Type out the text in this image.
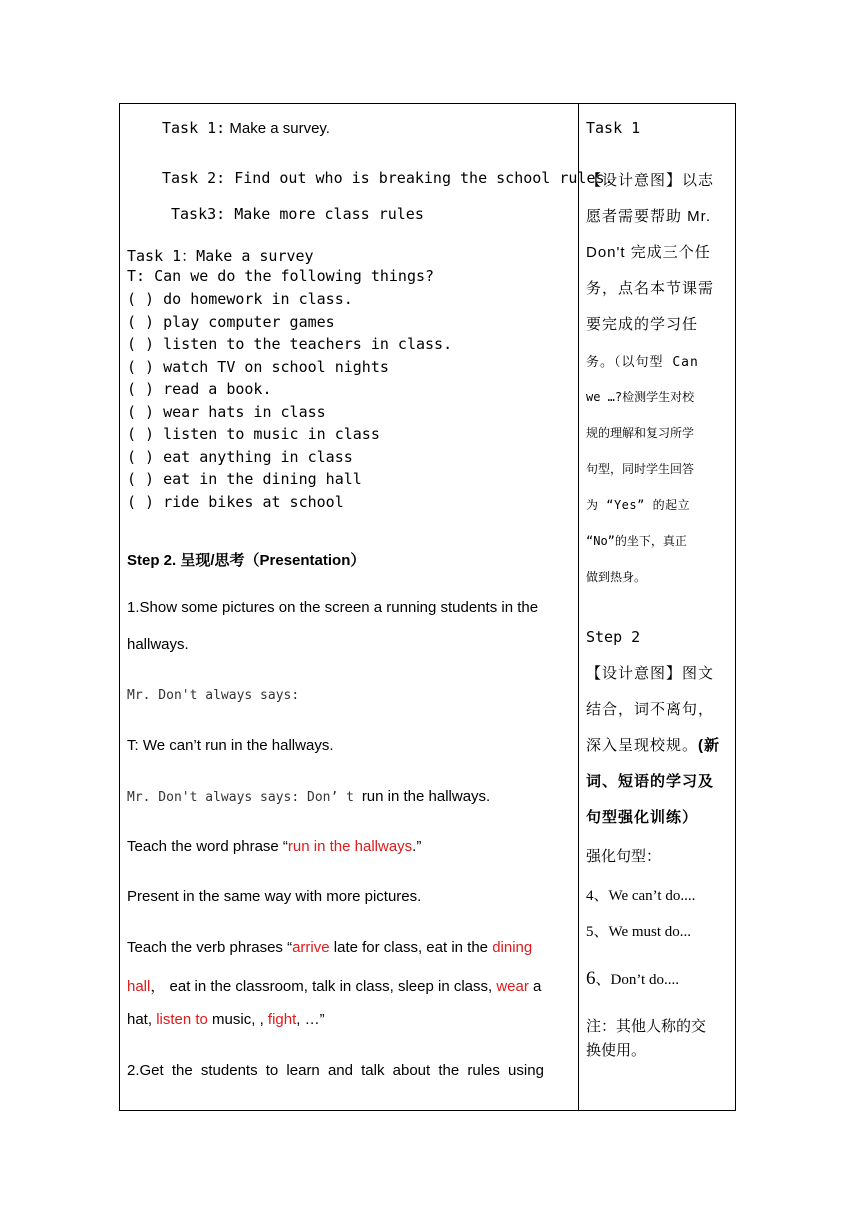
Task 1: Make a survey.
Task 2: Find out who is breaking the school rules.
Task3: Make more class rules
Task 1：Make a survey
T: Can we do the following things?
( ) do homework in class.
( ) play computer games
( ) listen to the teachers in class.
( ) watch TV on school nights
( ) read a book.
( ) wear hats in class
( ) listen to music in class
( ) eat anything in class
( ) eat in the dining hall
( ) ride bikes at school
Step 2. 呈现/思考（Presentation）
1.Show some pictures on the screen a running students in the
hallways.
Mr. Don't always says:
T: We can’t run in the hallways.
Mr. Don't always says: Don’ t run in the hallways.
Teach the word phrase “run in the hallways.”
Present in the same way with more pictures.
Teach the verb phrases “arrive late for class, eat in the dining
hall， eat in the classroom, talk in class, sleep in class, wear a
hat, listen to music, , fight, …”
2.Get the students to learn and talk about the rules using
Task 1
【设计意图】以志
愿者需要帮助 Mr.
Don't 完成三个任
务，点名本节课需
要完成的学习任
务。（以句型 Can
we …?检测学生对校
规的理解和复习所学
句型，同时学生回答
为 “Yes” 的起立
“No”的坐下，真正
做到热身。
Step 2
【设计意图】图文
结合，词不离句，
深入呈现校规。(新
词、短语的学习及
句型强化训练）
强化句型：
4、We can’t do....
5、We must do...
6、Don’t do....
注：其他人称的交
换使用。
